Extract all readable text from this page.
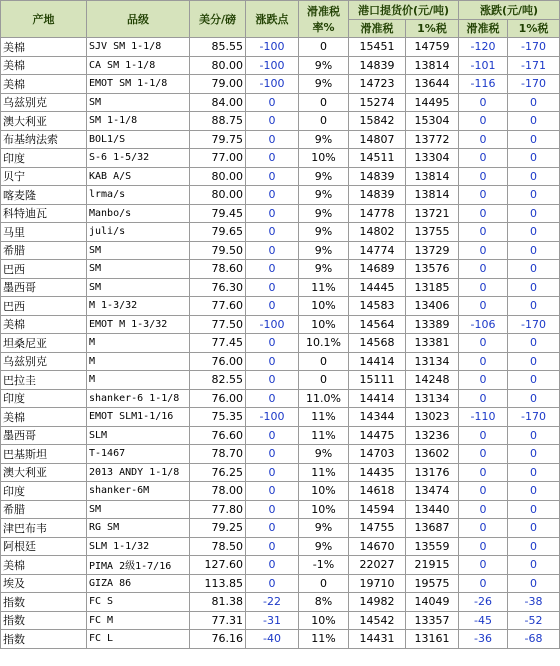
产地	品级	美分/磅	涨跌点	滑准税率%	港口提货价(元/吨)		涨跌(元/吨)	
					滑准税	1%税	滑准税	1%税
美棉	SJV SM 1-1/8	85.55	-100	0	15451	14759	-120	-170
美棉	CA SM 1-1/8	80.00	-100	9%	14839	13814	-101	-171
美棉	EMOT SM 1-1/8	79.00	-100	9%	14723	13644	-116	-170
乌兹别克	SM	84.00	0	0	15274	14495	0	0
澳大利亚	SM 1-1/8	88.75	0	0	15842	15304	0	0
布基纳法索	BOL1/S	79.75	0	9%	14807	13772	0	0
印度	S-6 1-5/32	77.00	0	10%	14511	13304	0	0
贝宁	KAB A/S	80.00	0	9%	14839	13814	0	0
喀麦隆	lrma/s	80.00	0	9%	14839	13814	0	0
科特迪瓦	Manbo/s	79.45	0	9%	14778	13721	0	0
马里	juli/s	79.65	0	9%	14802	13755	0	0
希腊	SM	79.50	0	9%	14774	13729	0	0
巴西	SM	78.60	0	9%	14689	13576	0	0
墨西哥	SM	76.30	0	11%	14445	13185	0	0
巴西	M 1-3/32	77.60	0	10%	14583	13406	0	0
美棉	EMOT M 1-3/32	77.50	-100	10%	14564	13389	-106	-170
坦桑尼亚	M	77.45	0	10.1%	14568	13381	0	0
乌兹别克	M	76.00	0	0	14414	13134	0	0
巴拉圭	M	82.55	0	0	15111	14248	0	0
印度	shanker-6 1-1/8	76.00	0	11.0%	14414	13134	0	0
美棉	EMOT SLM1-1/16	75.35	-100	11%	14344	13023	-110	-170
墨西哥	SLM	76.60	0	11%	14475	13236	0	0
巴基斯坦	T-1467	78.70	0	9%	14703	13602	0	0
澳大利亚	2013 ANDY 1-1/8	76.25	0	11%	14435	13176	0	0
印度	shanker-6M	78.00	0	10%	14618	13474	0	0
希腊	SM	77.80	0	10%	14594	13440	0	0
津巴布韦	RG SM	79.25	0	9%	14755	13687	0	0
阿根廷	SLM 1-1/32	78.50	0	9%	14670	13559	0	0
美棉	PIMA 2级1-7/16	127.60	0	-1%	22027	21915	0	0
埃及	GIZA 86	113.85	0	0	19710	19575	0	0
指数	FC S	81.38	-22	8%	14982	14049	-26	-38
指数	FC M	77.31	-31	10%	14542	13357	-45	-52
指数	FC L	76.16	-40	11%	14431	13161	-36	-68
